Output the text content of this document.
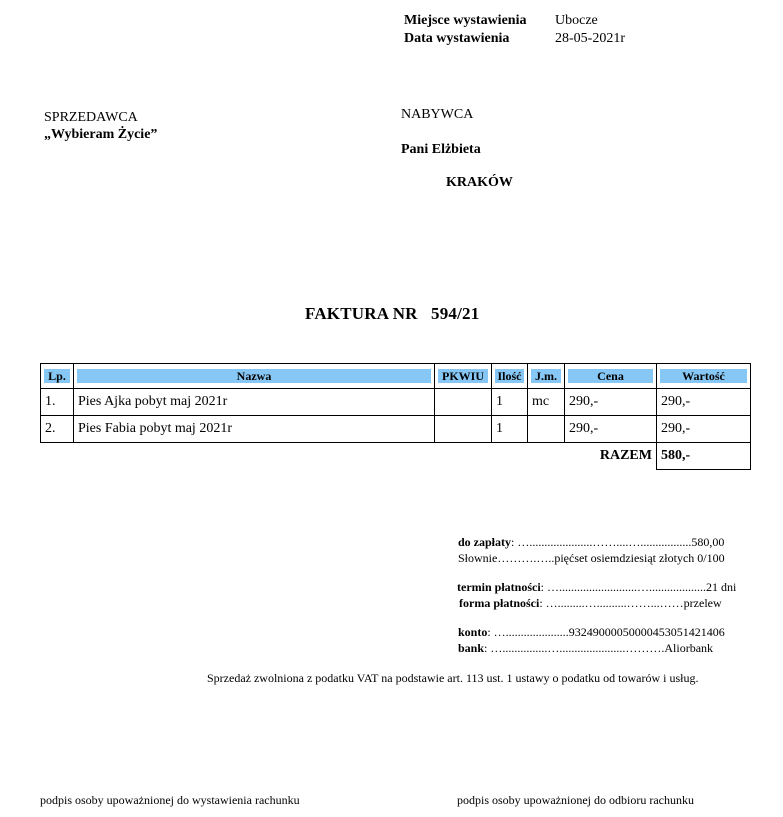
Miejsce wystawienia Ubocze
Data wystawienia	28-05-2021r
SPRZEDAWCA
„Wybieram Życie”
NABYWCA
Pani Elżbieta
KRAKÓW
FAKTURA NR   594/21
Lp.	Nazwa	PKWIU	Ilość	J.m.	Cena	Wartość

1.	Pies Ajka pobyt maj 2021r		1	mc	290,-	290,-
2.	Pies Fabia pobyt maj 2021r		1		290,-	290,-
					RAZEM	580,-
do zapłaty: ….....................……....….................580,00
Słownie……….…..pięćset osiemdziesiąt złotych 0/100
termin płatności: …..........................…...................21 dni
forma płatności: ….........…..........……...……przelew
konto: ….....................93249000050000453051421406
bank: …...............…......................……….Aliorbank
Sprzedaż zwolniona z podatku VAT na podstawie art. 113 ust. 1 ustawy o podatku od towarów i usług.
podpis osoby upoważnionej do wystawienia rachunku	podpis osoby upoważnionej do odbioru rachunku
